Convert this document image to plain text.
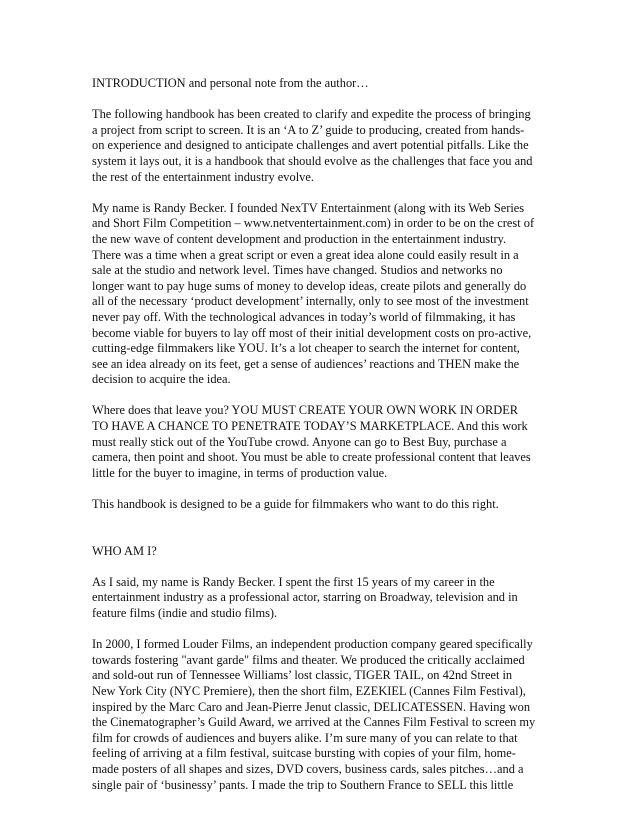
INTRODUCTION and personal note from the author…
The following handbook has been created to clarify and expedite the process of bringing
a project from script to screen. It is an ‘A to Z’ guide to producing, created from hands-
on experience and designed to anticipate challenges and avert potential pitfalls. Like the
system it lays out, it is a handbook that should evolve as the challenges that face you and
the rest of the entertainment industry evolve.
My name is Randy Becker. I founded NexTV Entertainment (along with its Web Series
and Short Film Competition – www.netventertainment.com) in order to be on the crest of
the new wave of content development and production in the entertainment industry.
There was a time when a great script or even a great idea alone could easily result in a
sale at the studio and network level. Times have changed. Studios and networks no
longer want to pay huge sums of money to develop ideas, create pilots and generally do
all of the necessary ‘product development’ internally, only to see most of the investment
never pay off. With the technological advances in today’s world of filmmaking, it has
become viable for buyers to lay off most of their initial development costs on pro-active,
cutting-edge filmmakers like YOU. It’s a lot cheaper to search the internet for content,
see an idea already on its feet, get a sense of audiences’ reactions and THEN make the
decision to acquire the idea.
Where does that leave you? YOU MUST CREATE YOUR OWN WORK IN ORDER
TO HAVE A CHANCE TO PENETRATE TODAY’S MARKETPLACE. And this work
must really stick out of the YouTube crowd. Anyone can go to Best Buy, purchase a
camera, then point and shoot. You must be able to create professional content that leaves
little for the buyer to imagine, in terms of production value.
This handbook is designed to be a guide for filmmakers who want to do this right.
WHO AM I?
As I said, my name is Randy Becker. I spent the first 15 years of my career in the
entertainment industry as a professional actor, starring on Broadway, television and in
feature films (indie and studio films).
In 2000, I formed Louder Films, an independent production company geared specifically
towards fostering "avant garde" films and theater. We produced the critically acclaimed
and sold-out run of Tennessee Williams’ lost classic, TIGER TAIL, on 42nd Street in
New York City (NYC Premiere), then the short film, EZEKIEL (Cannes Film Festival),
inspired by the Marc Caro and Jean-Pierre Jenut classic, DELICATESSEN. Having won
the Cinematographer’s Guild Award, we arrived at the Cannes Film Festival to screen my
film for crowds of audiences and buyers alike. I’m sure many of you can relate to that
feeling of arriving at a film festival, suitcase bursting with copies of your film, home-
made posters of all shapes and sizes, DVD covers, business cards, sales pitches…and a
single pair of ‘businessy’ pants. I made the trip to Southern France to SELL this little
